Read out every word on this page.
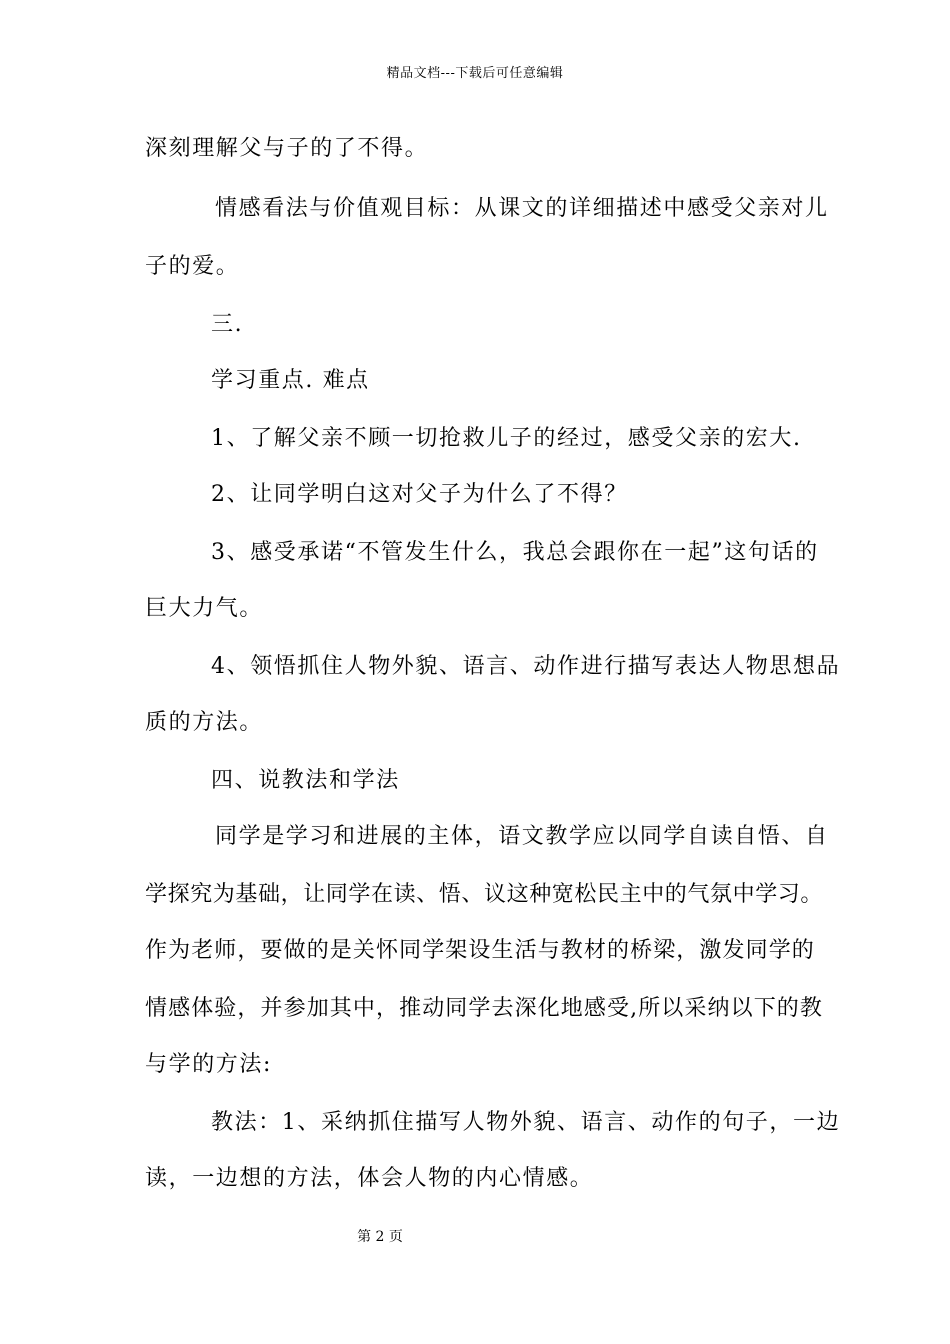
精品文档---下载后可任意编辑
深刻理解父与子的了不得。
情感看法与价值观目标：从课文的详细描述中感受父亲对儿
子的爱。
三.
学习重点. 难点
1、了解父亲不顾一切抢救儿子的经过，感受父亲的宏大.
2、让同学明白这对父子为什么了不得？
3、感受承诺“不管发生什么，我总会跟你在一起”这句话的
巨大力气。
4、领悟抓住人物外貌、语言、动作进行描写表达人物思想品
质的方法。
四、说教法和学法
同学是学习和进展的主体，语文教学应以同学自读自悟、自
学探究为基础，让同学在读、悟、议这种宽松民主中的气氛中学习。
作为老师，要做的是关怀同学架设生活与教材的桥梁，激发同学的
情感体验，并参加其中，推动同学去深化地感受,所以采纳以下的教
与学的方法:
教法：1、采纳抓住描写人物外貌、语言、动作的句子，一边
读，一边想的方法，体会人物的内心情感。
第 2 页
